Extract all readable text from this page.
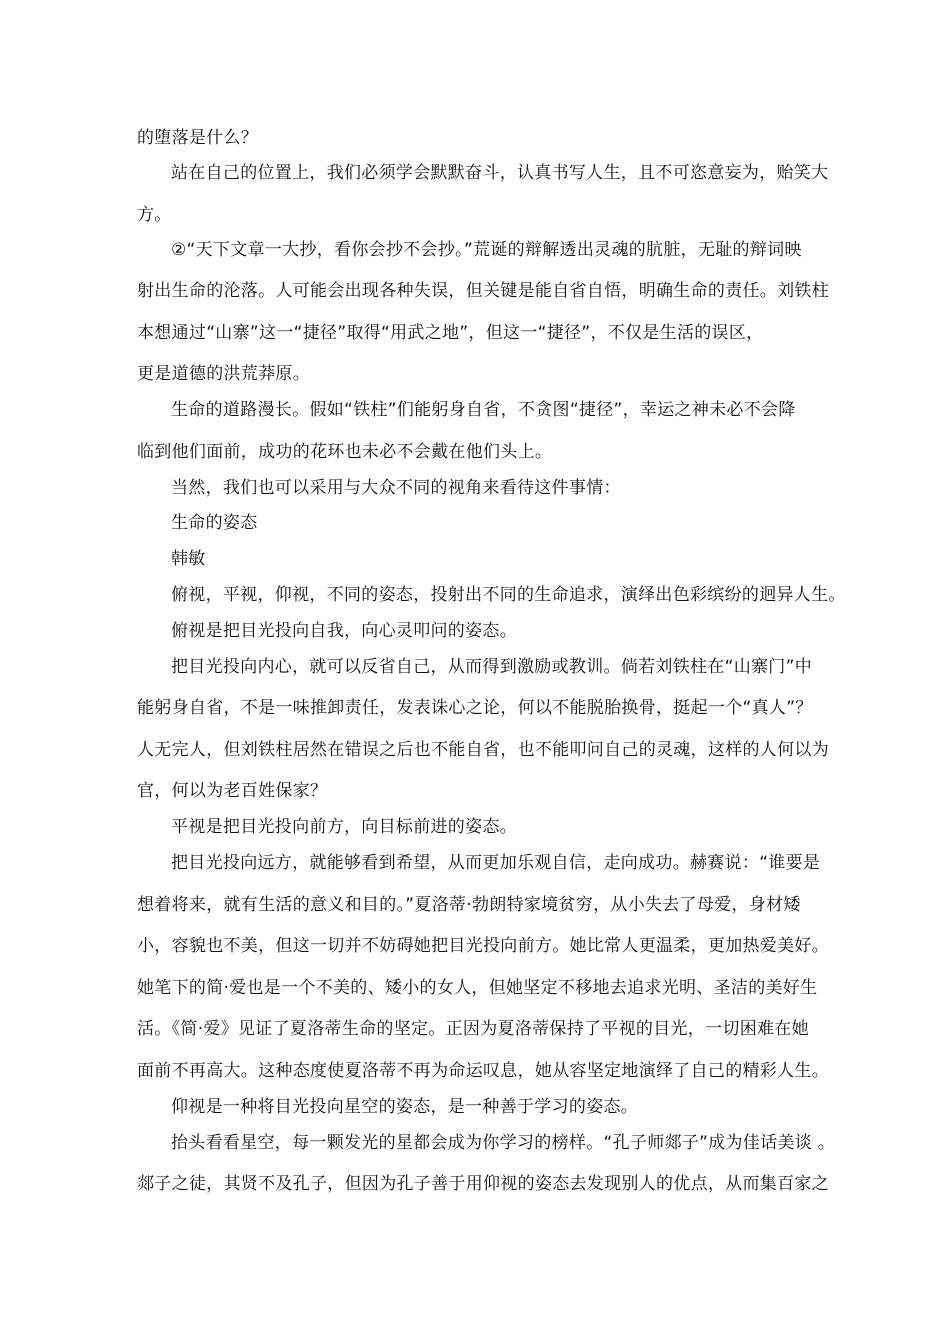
的堕落是什么？
站在自己的位置上，我们必须学会默默奋斗，认真书写人生，且不可恣意妄为，贻笑大
方。
②“天下文章一大抄，看你会抄不会抄。”荒诞的辩解透出灵魂的肮脏，无耻的辩词映
射出生命的沦落。人可能会出现各种失误，但关键是能自省自悟，明确生命的责任。刘铁柱
本想通过“山寨”这一“捷径”取得“用武之地”，但这一“捷径”，不仅是生活的误区，
更是道德的洪荒莽原。
生命的道路漫长。假如“铁柱”们能躬身自省，不贪图“捷径”，幸运之神未必不会降
临到他们面前，成功的花环也未必不会戴在他们头上。
当然，我们也可以采用与大众不同的视角来看待这件事情：
生命的姿态
韩敏
俯视，平视，仰视，不同的姿态，投射出不同的生命追求，演绎出色彩缤纷的迥异人生。
俯视是把目光投向自我，向心灵叩问的姿态。
把目光投向内心，就可以反省自己，从而得到激励或教训。倘若刘铁柱在“山寨门”中
能躬身自省，不是一味推卸责任，发表诛心之论，何以不能脱胎换骨，挺起一个“真人”？
人无完人，但刘铁柱居然在错误之后也不能自省，也不能叩问自己的灵魂，这样的人何以为
官，何以为老百姓保家？
平视是把目光投向前方，向目标前进的姿态。
把目光投向远方，就能够看到希望，从而更加乐观自信，走向成功。赫赛说：“谁要是
想着将来，就有生活的意义和目的。”夏洛蒂·勃朗特家境贫穷，从小失去了母爱，身材矮
小，容貌也不美，但这一切并不妨碍她把目光投向前方。她比常人更温柔，更加热爱美好。
她笔下的简·爱也是一个不美的、矮小的女人，但她坚定不移地去追求光明、圣洁的美好生
活。《简·爱》见证了夏洛蒂生命的坚定。正因为夏洛蒂保持了平视的目光，一切困难在她
面前不再高大。这种态度使夏洛蒂不再为命运叹息，她从容坚定地演绎了自己的精彩人生。
仰视是一种将目光投向星空的姿态，是一种善于学习的姿态。
抬头看看星空，每一颗发光的星都会成为你学习的榜样。“孔子师郯子”成为佳话美谈 。
郯子之徒，其贤不及孔子，但因为孔子善于用仰视的姿态去发现别人的优点，从而集百家之
